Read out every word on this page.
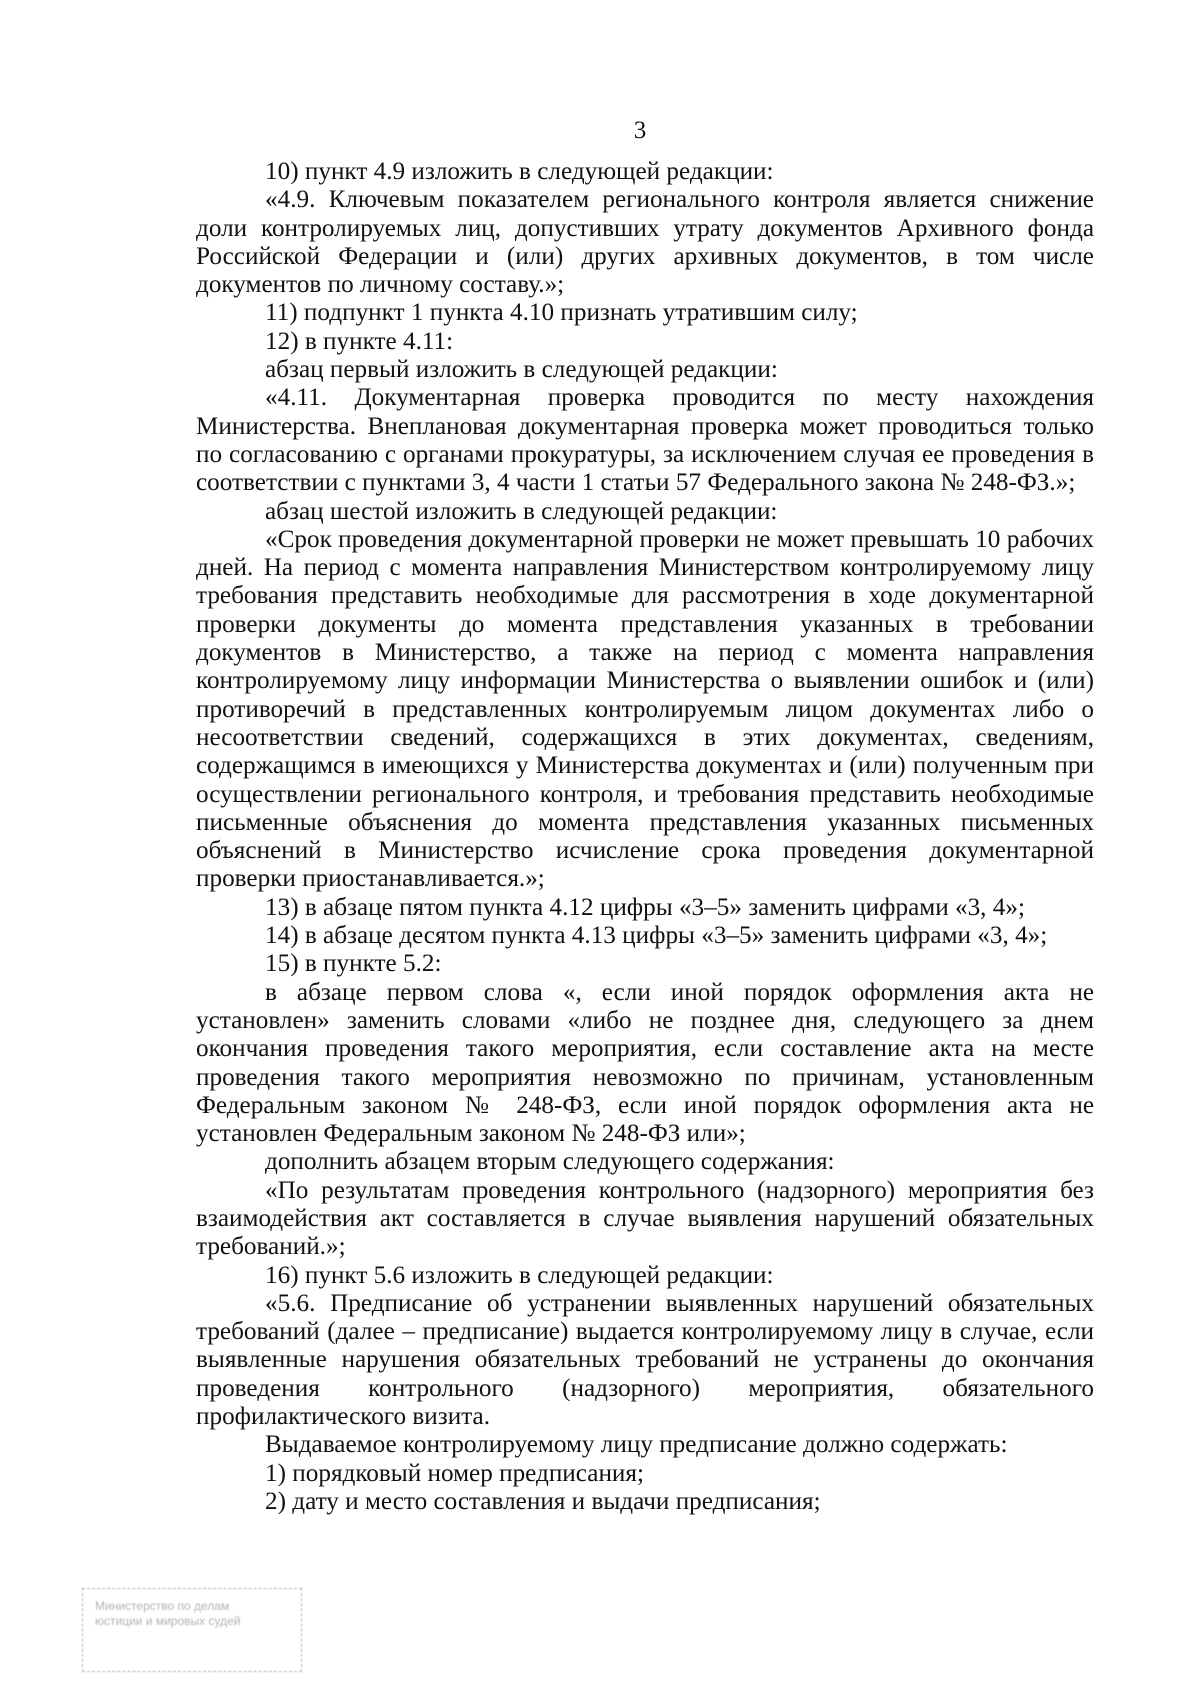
3

10) пункт 4.9 изложить в следующей редакции:

«4.9. Ключевым показателем регионального контроля является снижение доли контролируемых лиц, допустивших утрату документов Архивного фонда Российской Федерации и (или) других архивных документов, в том числе документов по личному составу.»;

11) подпункт 1 пункта 4.10 признать утратившим силу;

12) в пункте 4.11:

абзац первый изложить в следующей редакции:

«4.11. Документарная проверка проводится по месту нахождения Министерства. Внеплановая документарная проверка может проводиться только по согласованию с органами прокуратуры, за исключением случая ее проведения в соответствии с пунктами 3, 4 части 1 статьи 57 Федерального закона № 248-ФЗ.»;

абзац шестой изложить в следующей редакции:

«Срок проведения документарной проверки не может превышать 10 рабочих дней. На период с момента направления Министерством контролируемому лицу требования представить необходимые для рассмотрения в ходе документарной проверки документы до момента представления указанных в требовании документов в Министерство, а также на период с момента направления контролируемому лицу информации Министерства о выявлении ошибок и (или) противоречий в представленных контролируемым лицом документах либо о несоответствии сведений, содержащихся в этих документах, сведениям, содержащимся в имеющихся у Министерства документах и (или) полученным при осуществлении регионального контроля, и требования представить необходимые письменные объяснения до момента представления указанных письменных объяснений в Министерство исчисление срока проведения документарной проверки приостанавливается.»;

13) в абзаце пятом пункта 4.12 цифры «3–5» заменить цифрами «3, 4»;

14) в абзаце десятом пункта 4.13 цифры «3–5» заменить цифрами «3, 4»;

15) в пункте 5.2:

в абзаце первом слова «, если иной порядок оформления акта не установлен» заменить словами «либо не позднее дня, следующего за днем окончания проведения такого мероприятия, если составление акта на месте проведения такого мероприятия невозможно по причинам, установленным Федеральным законом № 248-ФЗ, если иной порядок оформления акта не установлен Федеральным законом № 248-ФЗ или»;

дополнить абзацем вторым следующего содержания:

«По результатам проведения контрольного (надзорного) мероприятия без взаимодействия акт составляется в случае выявления нарушений обязательных требований.»;

16) пункт 5.6 изложить в следующей редакции:

«5.6. Предписание об устранении выявленных нарушений обязательных требований (далее – предписание) выдается контролируемому лицу в случае, если выявленные нарушения обязательных требований не устранены до окончания проведения контрольного (надзорного) мероприятия, обязательного профилактического визита.

Выдаваемое контролируемому лицу предписание должно содержать:

1) порядковый номер предписания;

2) дату и место составления и выдачи предписания;

Министерство по делам
юстиции и мировых судей
